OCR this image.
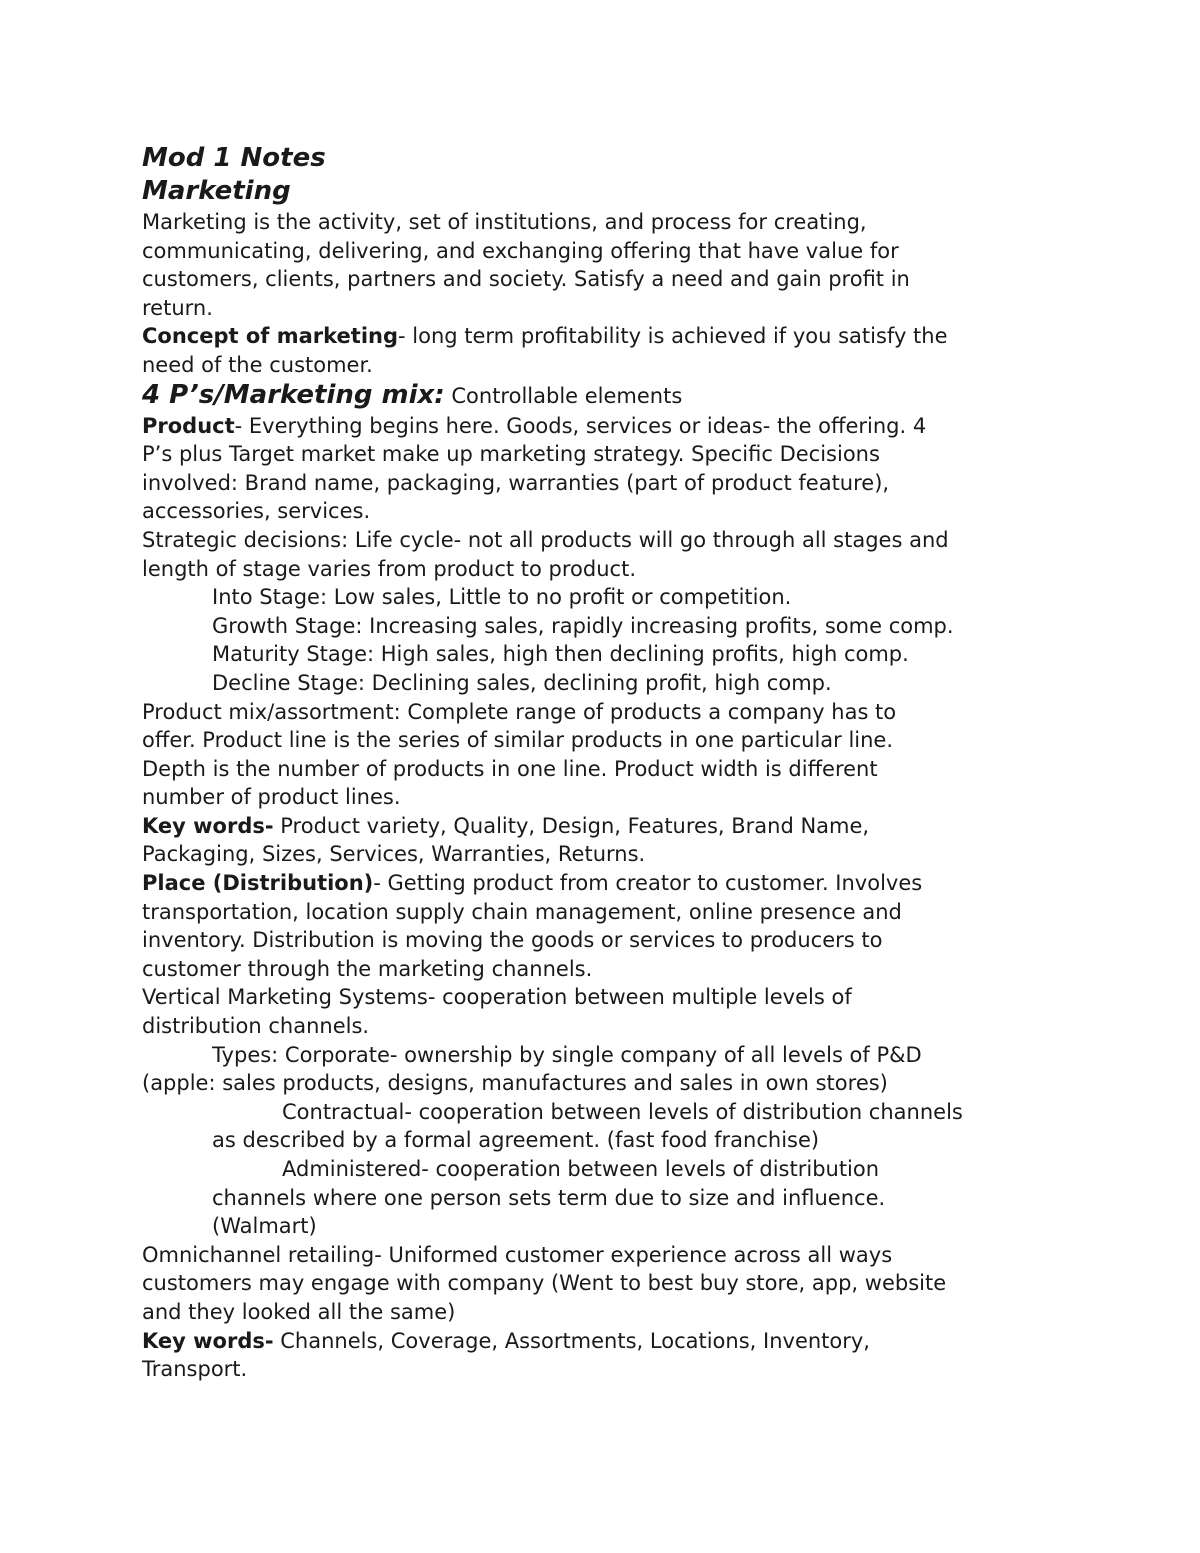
Mod 1 Notes

Marketing

Marketing is the activity, set of institutions, and process for creating,

communicating, delivering, and exchanging offering that have value for

customers, clients, partners and society. Satisfy a need and gain profit in

return.

Concept of marketing- long term profitability is achieved if you satisfy the

need of the customer.

4 P’s/Marketing mix: Controllable elements

Product- Everything begins here. Goods, services or ideas- the offering. 4

P’s plus Target market make up marketing strategy. Specific Decisions

involved: Brand name, packaging, warranties (part of product feature),

accessories, services.

Strategic decisions: Life cycle- not all products will go through all stages and

length of stage varies from product to product.

Into Stage: Low sales, Little to no profit or competition.

Growth Stage: Increasing sales, rapidly increasing profits, some comp.

Maturity Stage: High sales, high then declining profits, high comp.

Decline Stage: Declining sales, declining profit, high comp.

Product mix/assortment: Complete range of products a company has to

offer. Product line is the series of similar products in one particular line.

Depth is the number of products in one line. Product width is different

number of product lines.

Key words- Product variety, Quality, Design, Features, Brand Name,

Packaging, Sizes, Services, Warranties, Returns.

Place (Distribution)- Getting product from creator to customer. Involves

transportation, location supply chain management, online presence and

inventory. Distribution is moving the goods or services to producers to

customer through the marketing channels.

Vertical Marketing Systems- cooperation between multiple levels of

distribution channels.

Types: Corporate- ownership by single company of all levels of P&D

(apple: sales products, designs, manufactures and sales in own stores)

Contractual- cooperation between levels of distribution channels

as described by a formal agreement. (fast food franchise)

Administered- cooperation between levels of distribution

channels where one person sets term due to size and influence.

(Walmart)

Omnichannel retailing- Uniformed customer experience across all ways

customers may engage with company (Went to best buy store, app, website

and they looked all the same)

Key words- Channels, Coverage, Assortments, Locations, Inventory,

Transport.
